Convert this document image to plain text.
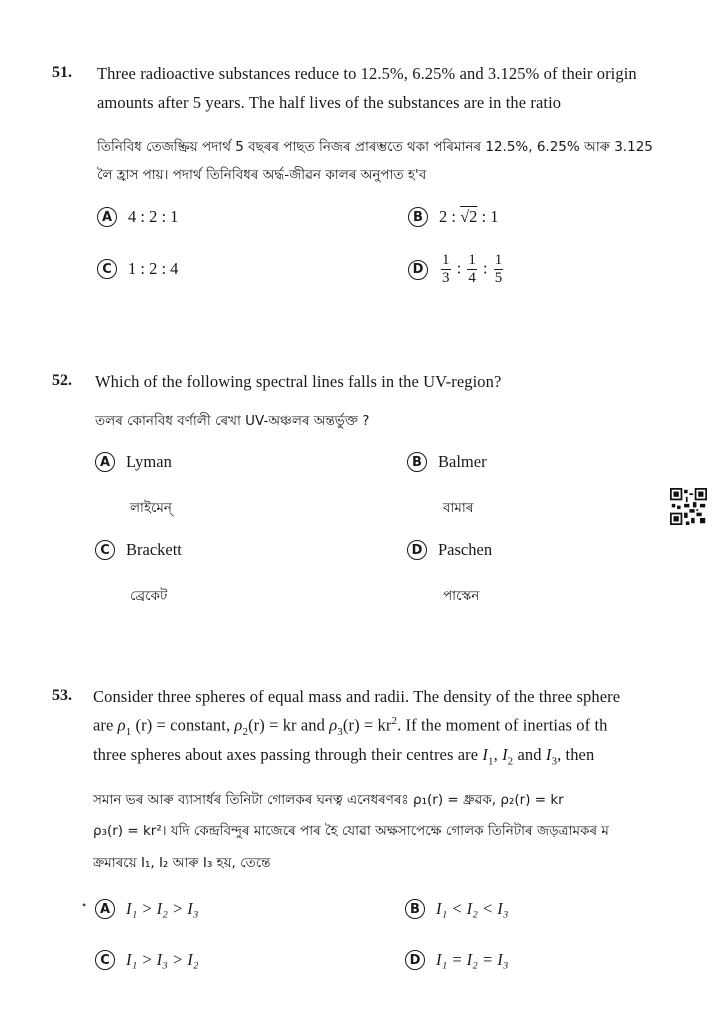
51. Three radioactive substances reduce to 12.5%, 6.25% and 3.125% of their origin
amounts after 5 years. The half lives of the substances are in the ratio
তিনিবিধ তেজষ্ক্ৰিয় পদাৰ্থ 5 বছৰৰ পাছত নিজৰ প্ৰাৰম্ভতে থকা পৰিমানৰ 12.5%, 6.25% আৰু 3.125
লৈ হ্ৰাস পায়। পদাৰ্থ তিনিবিধৰ অৰ্দ্ধ-জীৱন কালৰ অনুপাত হ'ব
A 4 : 2 : 1	B 2 : √2 : 1
C 1 : 2 : 4	D	$\frac{1}{3}$ : $\frac{1}{4}$ : $\frac{1}{5}$
52. Which of the following spectral lines falls in the UV-region?
তলৰ কোনবিধ বৰ্ণালী ৰেখা UV-অঞ্চলৰ অন্তৰ্ভুক্ত ?
A Lyman
লাইমেন্
B Balmer
বামাৰ
C Brackett
ব্ৰেকেট
D Paschen
পাস্কেন
53. Consider three spheres of equal mass and radii. The density of the three sphere
are $\rho_1$ (r) = constant, $\rho_2(r)$ = kr and $\rho_3(r) = kr^2$. If the moment of inertias of th
three spheres about axes passing through their centres are $I_1$, $I_2$ and $I_3$, then
সমান ভৰ আৰু ব্যাসাৰ্ধৰ তিনিটা গোলকৰ ঘনত্ব এনেধৰণৰঃ ρ₁(r) = ধ্ৰুৱক, ρ₂(r) = kr
ρ₃(r) = kr²। যদি কেন্দ্ৰবিন্দুৰ মাজেৰে পাৰ হৈ যোৱা অক্ষসাপেক্ষে গোলক তিনিটাৰ জড়ত্ৰামকৰ ম
ক্ৰমাৰয়ে I₁, I₂ আৰু I₃ হয়, তেন্তে
•	A I₁ > I₂ > I₃	B I₁ < I₂ < I₃
C I₁ > I₃ > I₂	D I₁ = I₂ = I₃
